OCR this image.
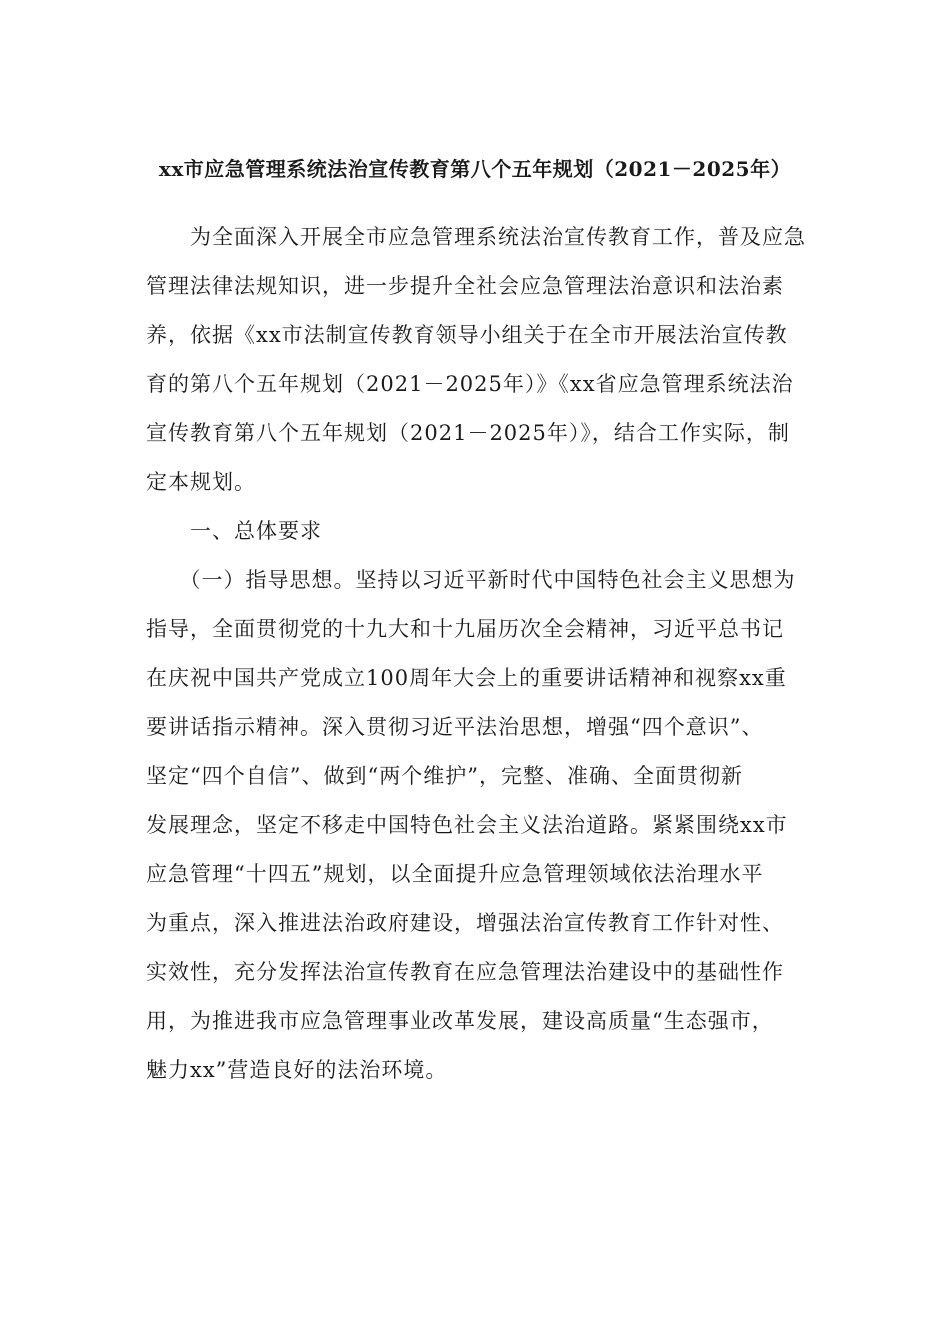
xx市应急管理系统法治宣传教育第八个五年规划（2021－2025年）
　　为全面深入开展全市应急管理系统法治宣传教育工作，普及应急
管理法律法规知识，进一步提升全社会应急管理法治意识和法治素
养，依据《xx市法制宣传教育领导小组关于在全市开展法治宣传教
育的第八个五年规划（2021－2025年）》《xx省应急管理系统法治
宣传教育第八个五年规划（2021－2025年）》，结合工作实际，制
定本规划。
　　一、总体要求
　　（一）指导思想。坚持以习近平新时代中国特色社会主义思想为
指导，全面贯彻党的十九大和十九届历次全会精神，习近平总书记
在庆祝中国共产党成立100周年大会上的重要讲话精神和视察xx重
要讲话指示精神。深入贯彻习近平法治思想，增强“四个意识”、
坚定“四个自信”、做到“两个维护”，完整、准确、全面贯彻新
发展理念，坚定不移走中国特色社会主义法治道路。紧紧围绕xx市
应急管理“十四五”规划，以全面提升应急管理领域依法治理水平
为重点，深入推进法治政府建设，增强法治宣传教育工作针对性、
实效性，充分发挥法治宣传教育在应急管理法治建设中的基础性作
用，为推进我市应急管理事业改革发展，建设高质量“生态强市，
魅力xx”营造良好的法治环境。
